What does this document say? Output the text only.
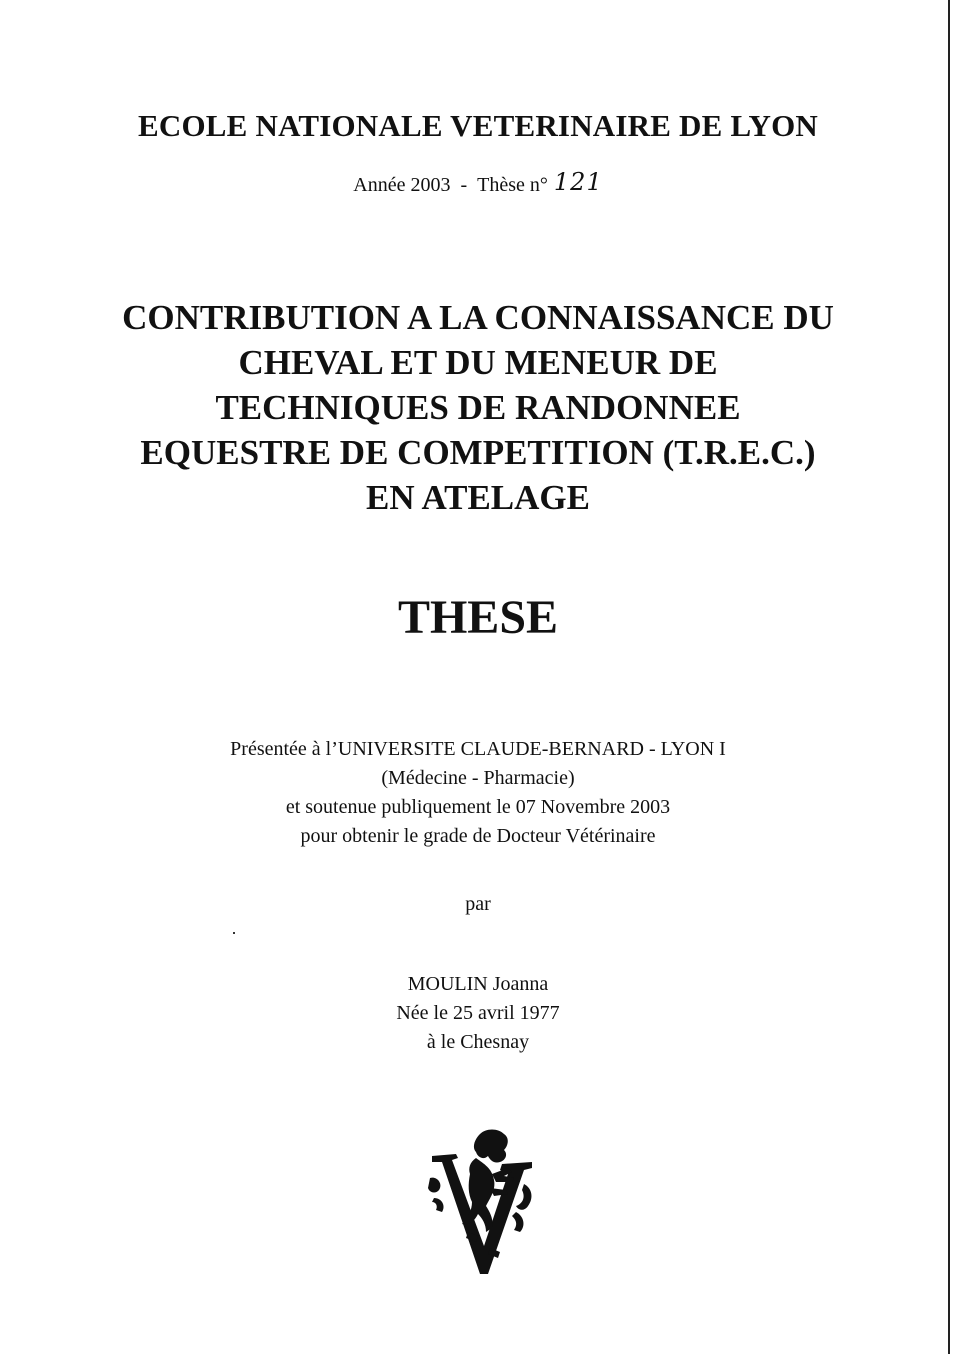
ECOLE NATIONALE VETERINAIRE DE LYON
Année 2003 - Thèse n° 121
CONTRIBUTION A LA CONNAISSANCE DU
CHEVAL ET DU MENEUR DE
TECHNIQUES DE RANDONNEE
EQUESTRE DE COMPETITION (T.R.E.C.)
EN ATELAGE
THESE
Présentée à l’UNIVERSITE CLAUDE-BERNARD - LYON I
(Médecine - Pharmacie)
et soutenue publiquement le 07 Novembre 2003
pour obtenir le grade de Docteur Vétérinaire
par
MOULIN Joanna
Née le 25 avril 1977
à le Chesnay
